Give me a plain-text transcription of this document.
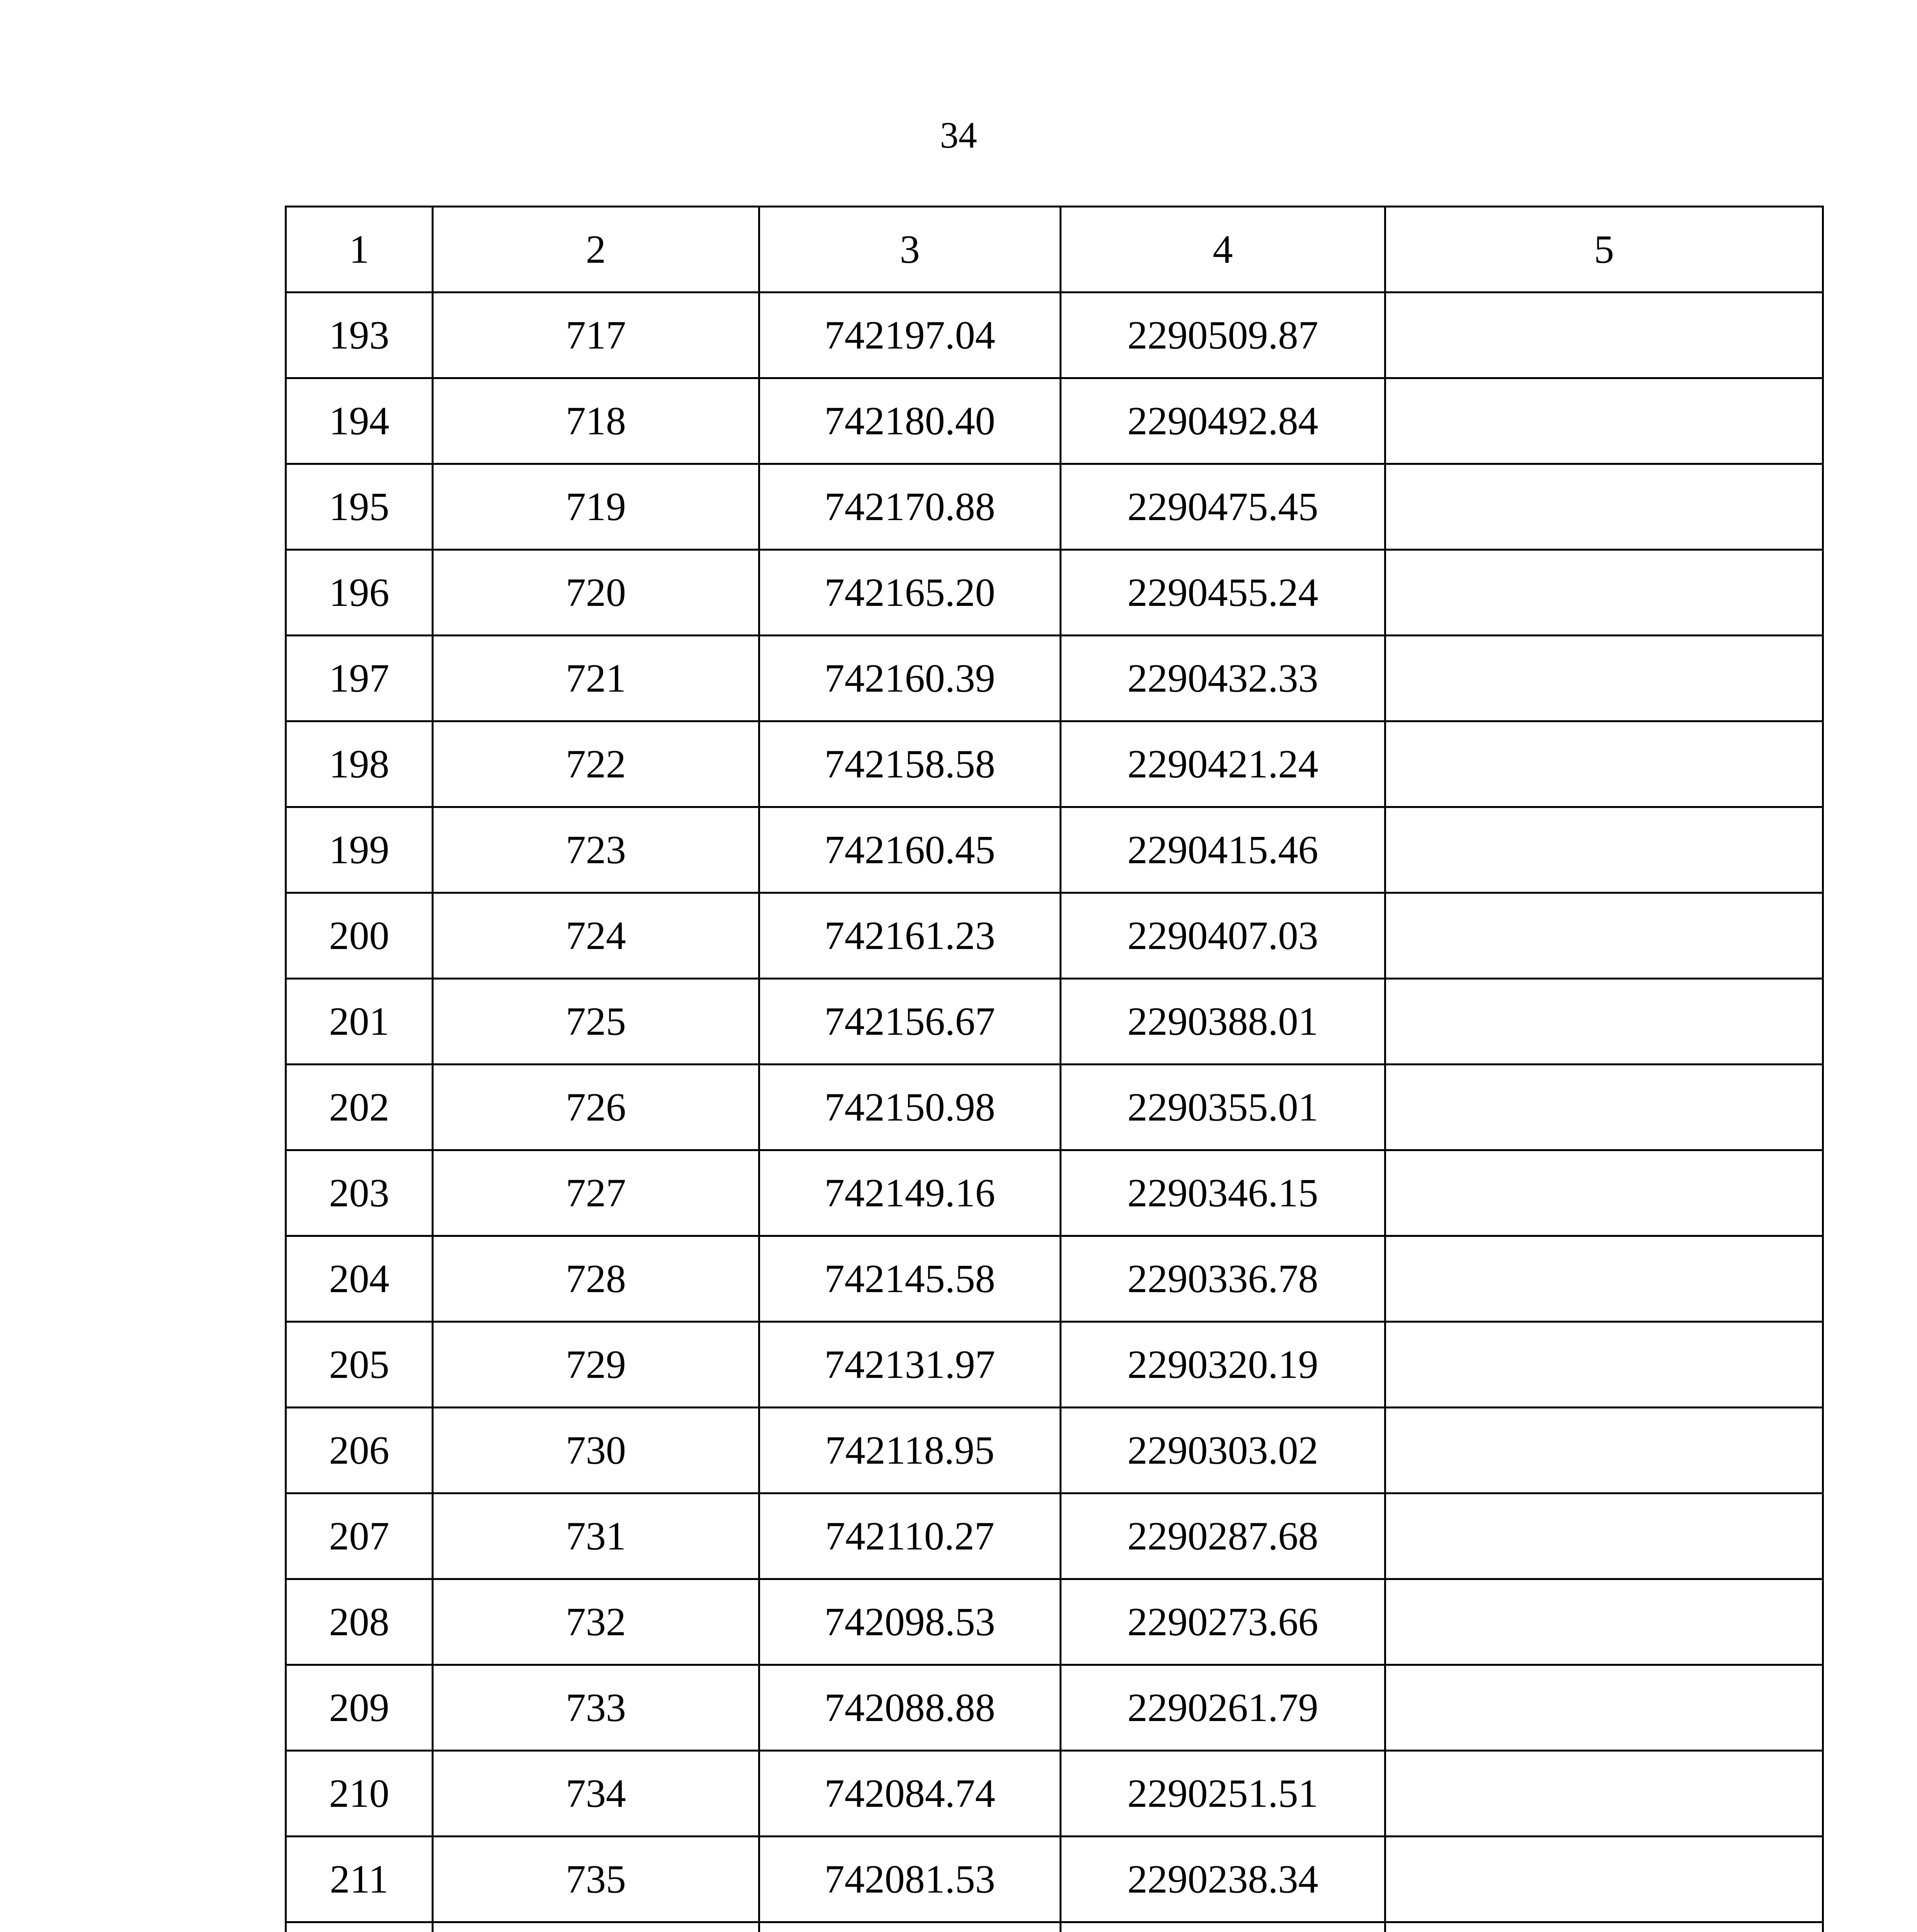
34
1	2	3	4	5
193	717	742197.04	2290509.87	
194	718	742180.40	2290492.84	
195	719	742170.88	2290475.45	
196	720	742165.20	2290455.24	
197	721	742160.39	2290432.33	
198	722	742158.58	2290421.24	
199	723	742160.45	2290415.46	
200	724	742161.23	2290407.03	
201	725	742156.67	2290388.01	
202	726	742150.98	2290355.01	
203	727	742149.16	2290346.15	
204	728	742145.58	2290336.78	
205	729	742131.97	2290320.19	
206	730	742118.95	2290303.02	
207	731	742110.27	2290287.68	
208	732	742098.53	2290273.66	
209	733	742088.88	2290261.79	
210	734	742084.74	2290251.51	
211	735	742081.53	2290238.34	
